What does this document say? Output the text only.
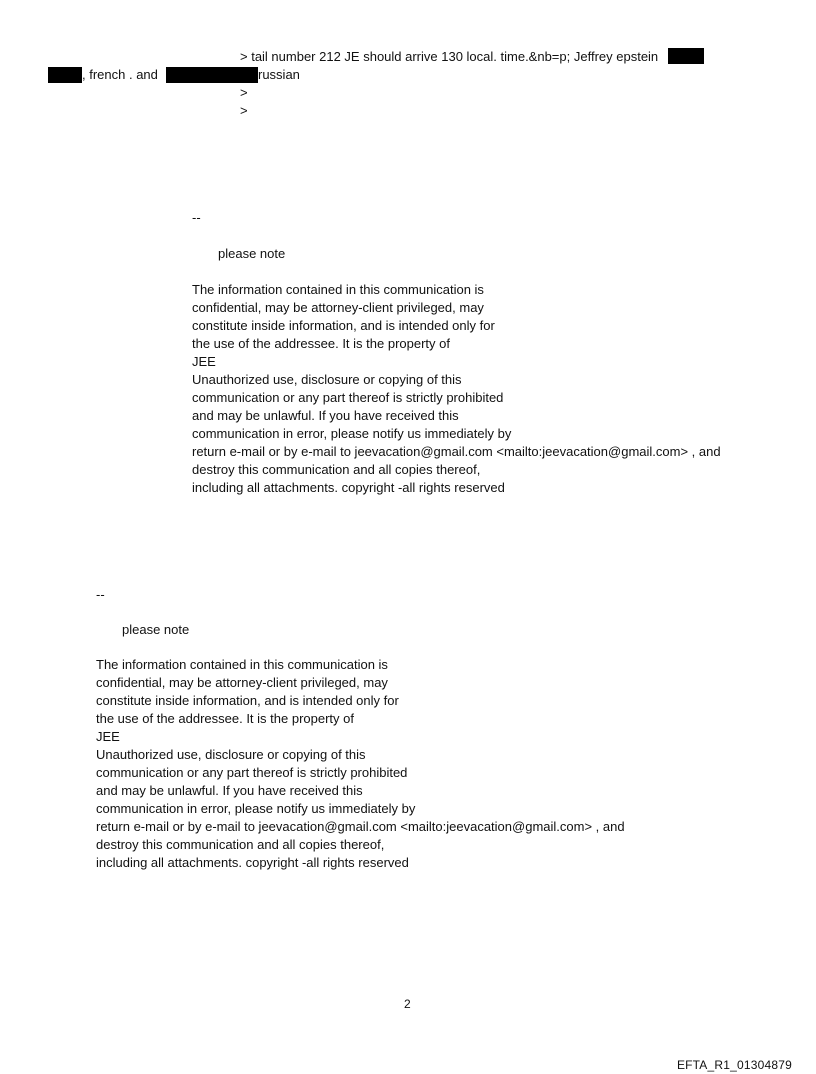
> tail number 212 JE should arrive 130 local. time.&nb=p; Jeffrey epstein
, french . and	russian
>
>
--
please note
The information contained in this communication is
confidential, may be attorney-client privileged, may
constitute inside information, and is intended only for
the use of the addressee. It is the property of
JEE
Unauthorized use, disclosure or copying of this
communication or any part thereof is strictly prohibited
and may be unlawful. If you have received this
communication in error, please notify us immediately by
return e-mail or by e-mail to jeevacation@gmail.com <mailto:jeevacation@gmail.com> , and
destroy this communication and all copies thereof,
including all attachments. copyright -all rights reserved
--
please note
The information contained in this communication is
confidential, may be attorney-client privileged, may
constitute inside information, and is intended only for
the use of the addressee. It is the property of
JEE
Unauthorized use, disclosure or copying of this
communication or any part thereof is strictly prohibited
and may be unlawful. If you have received this
communication in error, please notify us immediately by
return e-mail or by e-mail to jeevacation@gmail.com <mailto:jeevacation@gmail.com> , and
destroy this communication and all copies thereof,
including all attachments. copyright -all rights reserved
2
EFTA_R1_01304879
